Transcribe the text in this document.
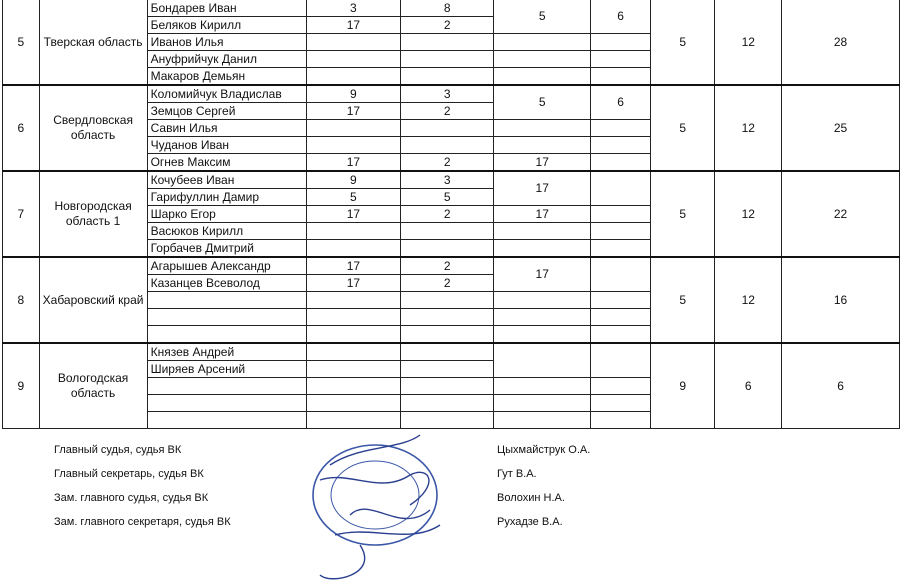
5	Тверская область	Бондарев Иван	3	8	5	6	5	12	28
		Беляков Кирилл	17	2					
		Иванов Илья							
		Ануфрийчук Данил							
		Макаров Демьян							
6	Свердловская область	Коломийчук Владислав	9	3	5	6	5	12	25
		Земцов Сергей	17	2					
		Савин Илья							
		Чуданов Иван							
		Огнев Максим	17	2	17				
7	Новгородская область 1	Кочубеев Иван	9	3	17		5	12	22
		Гарифуллин Дамир	5	5					
		Шарко Егор	17	2	17				
		Васюков Кирилл							
		Горбачев Дмитрий							
8	Хабаровский край	Агарышев Александр	17	2	17		5	12	16
		Казанцев Всеволод	17	2					

9	Вологодская область	Князев Андрей					9	6	6
		Ширяев Арсений							

Главный судья, судья ВК
Главный секретарь, судья ВК
Зам. главного судья, судья ВК
Зам. главного секретаря, судья ВК
Цыхмайструк О.А.
Гут В.А.
Волохин Н.А.
Рухадзе В.А.
